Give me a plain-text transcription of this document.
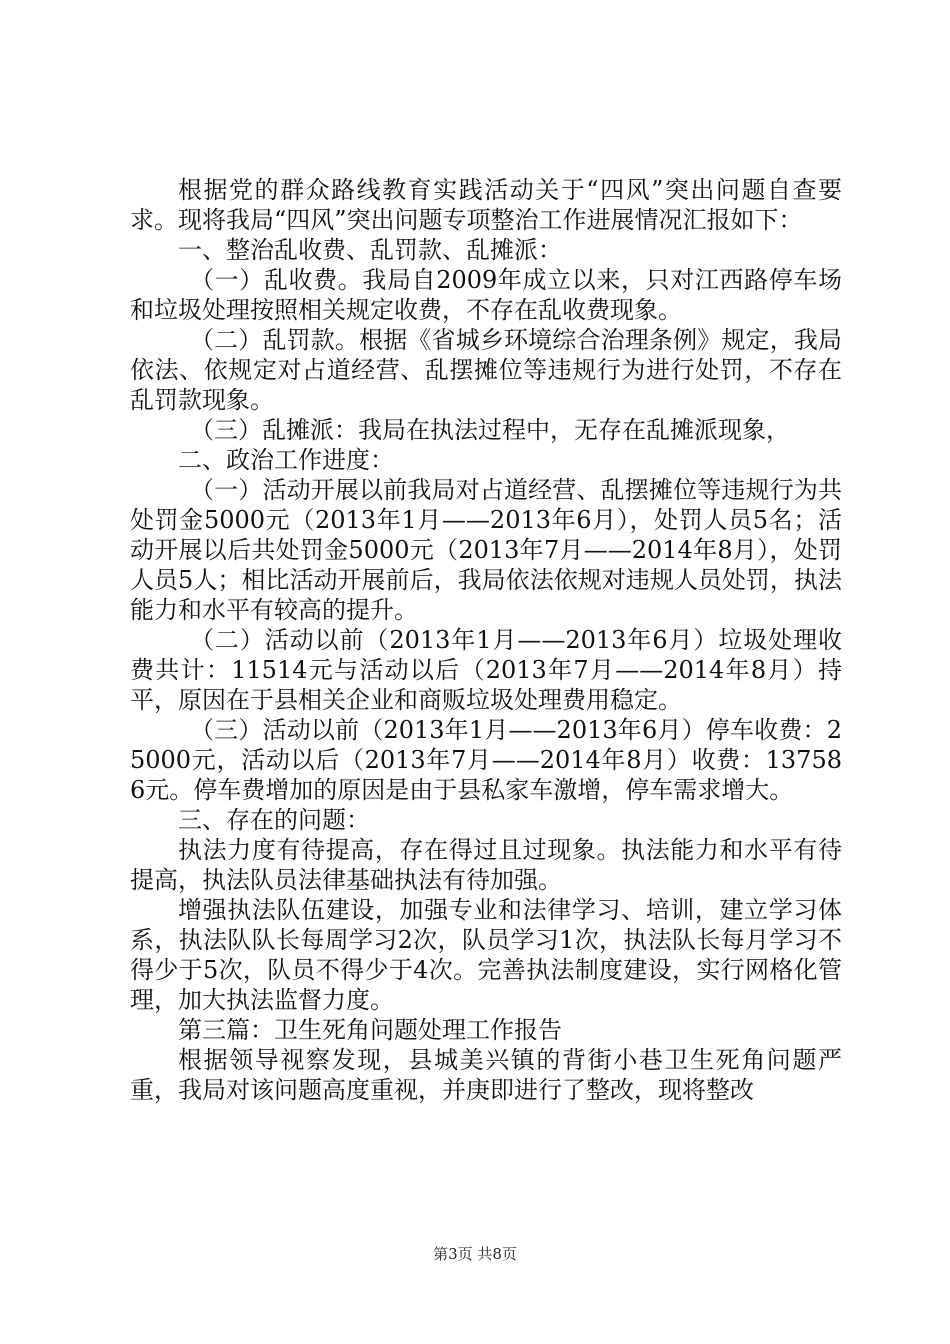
根据党的群众路线教育实践活动关于“四风”突出问题自查要求。现将我局“四风”突出问题专项整治工作进展情况汇报如下：

一、整治乱收费、乱罚款、乱摊派：

（一）乱收费。我局自2009年成立以来，只对江西路停车场和垃圾处理按照相关规定收费，不存在乱收费现象。

（二）乱罚款。根据《省城乡环境综合治理条例》规定，我局依法、依规定对占道经营、乱摆摊位等违规行为进行处罚，不存在乱罚款现象。

（三）乱摊派：我局在执法过程中，无存在乱摊派现象，

二、政治工作进度：

（一）活动开展以前我局对占道经营、乱摆摊位等违规行为共处罚金5000元（2013年1月——2013年6月），处罚人员5名；活动开展以后共处罚金5000元（2013年7月——2014年8月），处罚人员5人；相比活动开展前后，我局依法依规对违规人员处罚，执法能力和水平有较高的提升。

（二）活动以前（2013年1月——2013年6月）垃圾处理收费共计：11514元与活动以后（2013年7月——2014年8月）持平，原因在于县相关企业和商贩垃圾处理费用稳定。

（三）活动以前（2013年1月——2013年6月）停车收费：25000元，活动以后（2013年7月——2014年8月）收费：137586元。停车费增加的原因是由于县私家车激增，停车需求增大。

三、存在的问题：

执法力度有待提高，存在得过且过现象。执法能力和水平有待提高，执法队员法律基础执法有待加强。

增强执法队伍建设，加强专业和法律学习、培训，建立学习体系，执法队队长每周学习2次，队员学习1次，执法队长每月学习不得少于5次，队员不得少于4次。完善执法制度建设，实行网格化管理，加大执法监督力度。

第三篇：卫生死角问题处理工作报告

根据领导视察发现，县城美兴镇的背街小巷卫生死角问题严重，我局对该问题高度重视，并庚即进行了整改，现将整改

第3页 共8页
